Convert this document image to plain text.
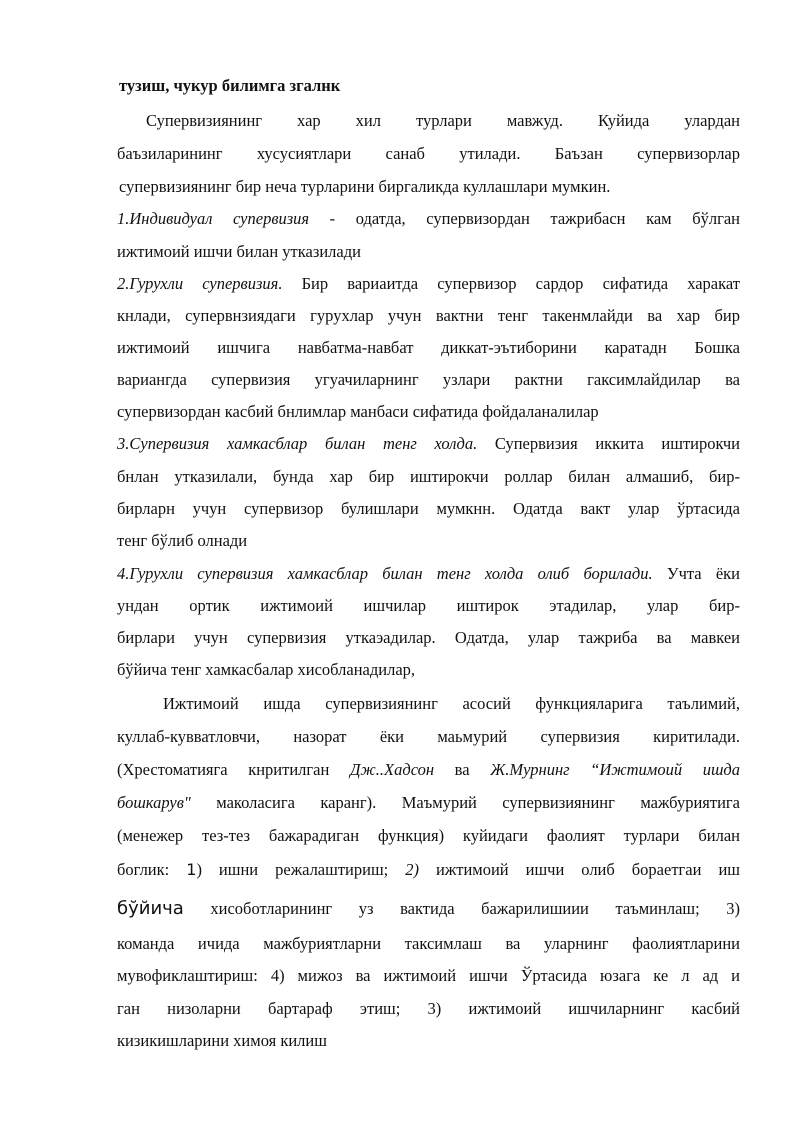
тузиш, чукур билимга згалнк
Супервизиянинг хар хил турлари мавжуд. Куйида улардан
баъзиларининг хусусиятлари санаб утилади. Баъзан супервизорлар
супервизиянинг бир неча турларини биргаликда куллашлари мумкин.
1.Индивидуал супервизия - одатда, супервизордан тажрибасн кам бўлган
ижтимоий ишчи билан утказилади
2.Гурухли супервизия. Бир вариаитда супервизор сардор сифатида харакат
кнлади, супервнзиядаги гурухлар учун вактни тенг такенмлайди ва хар бир
ижтимоий ишчига навбатма-навбат диккат-эътиборини каратадн Бошка
вариангда супервизия угуачиларнинг узлари рактни гаксимлайдилар ва
супервизордан касбий бнлимлар манбаси сифатида фойдаланалилар
3.Супервизия хамкасблар билан тенг холда. Супервизия иккита иштирокчи
бнлан утказилали, бунда хар бир иштирокчи роллар билан алмашиб, бир-
бирларн учун супервизор булишлари мумкнн. Одатда вакт улар ўртасида
тенг бўлиб олнади
4.Гурухли супервизия хамкасблар билан тенг холда олиб борилади. Учта ёки
ундан ортик ижтимоий ишчилар иштирок этадилар, улар бир-
бирлари учун супервизия уткаэадилар. Одатда, улар тажриба ва мавкеи
бўйича тенг хамкасбалар хисобланадилар,
Ижтимоий ишда супервизиянинг асосий функцияларига таълимий,
куллаб-кувватловчи, назорат ёки маьмурий супервизия киритилади.
(Хрестоматияга кнритилган Дж..Хадсон ва Ж.Мурнинг “Ижтимоий ишда
бошкарув" маколасига каранг). Маъмурий супервизиянинг мажбуриятига
(менежер тез-тез бажарадиган функция) куйидаги фаолият турлари билан
боглик: 1) ишни режалаштириш; 2) ижтимоий ишчи олиб бораетгаи иш
бўйича хисоботларининг уз вактида бажарилишиии таъминлаш; 3)
команда ичида мажбуриятларни таксимлаш ва уларнинг фаолиятларини
мувофиклаштириш: 4) мижоз ва ижтимоий ишчи Ўртасида юзага ке л ад и
ган низоларни бартараф этиш; 3) ижтимоий ишчиларнинг касбий
кизикишларини химоя килиш
